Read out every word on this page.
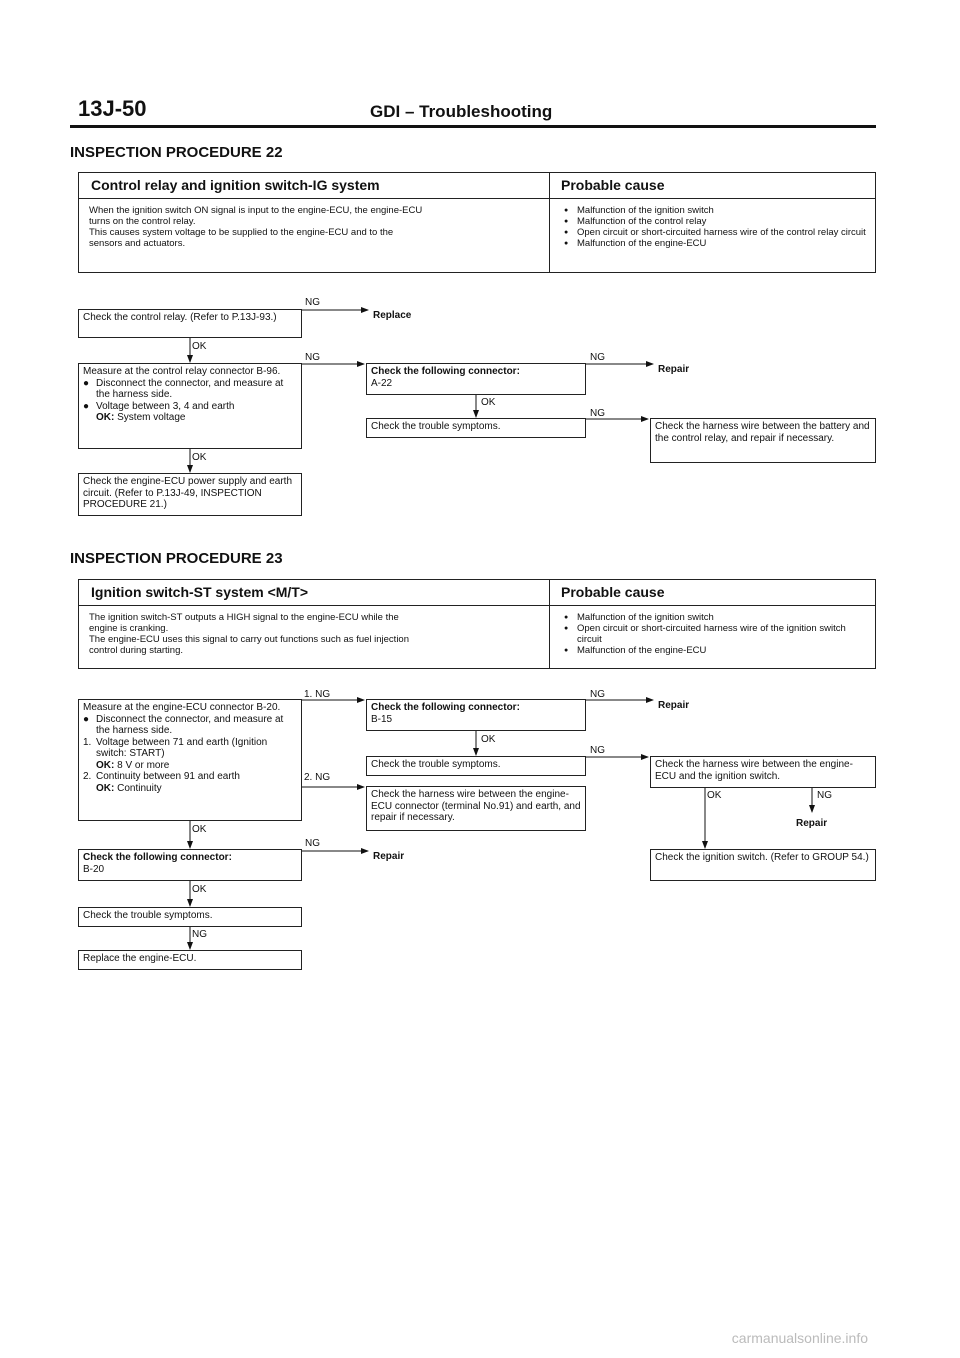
13J-50	GDI – Troubleshooting
INSPECTION PROCEDURE 22
Control relay and ignition switch-IG system	Probable cause
When the ignition switch ON signal is input to the engine-ECU, the engine-ECU
turns on the control relay.
This causes system voltage to be supplied to the engine-ECU and to the
sensors and actuators.
● Malfunction of the ignition switch
● Malfunction of the control relay
● Open circuit or short-circuited harness wire of the control relay circuit
● Malfunction of the engine-ECU
Check the control relay. (Refer to P.13J-93.)
NG
Replace
OK
Measure at the control relay connector B-96.
● Disconnect the connector, and measure at the harness side.
● Voltage between 3, 4 and earth
OK: System voltage
NG
Check the following connector:
A-22
NG
Repair
OK
Check the trouble symptoms.
NG
Check the harness wire between the battery and the control relay, and repair if necessary.
OK
Check the engine-ECU power supply and earth circuit. (Refer to P.13J-49, INSPECTION PROCEDURE 21.)
INSPECTION PROCEDURE 23
Ignition switch-ST system <M/T>	Probable cause
The ignition switch-ST outputs a HIGH signal to the engine-ECU while the
engine is cranking.
The engine-ECU uses this signal to carry out functions such as fuel injection
control during starting.
● Malfunction of the ignition switch
● Open circuit or short-circuited harness wire of the ignition switch circuit
● Malfunction of the engine-ECU
Measure at the engine-ECU connector B-20.
● Disconnect the connector, and measure at the harness side.
1. Voltage between 71 and earth (Ignition switch: START)
OK: 8 V or more
2. Continuity between 91 and earth
OK: Continuity
1. NG
2. NG
Check the following connector:
B-15
NG
Repair
OK
Check the trouble symptoms.
NG
Check the harness wire between the engine-ECU and the ignition switch.
OK	NG
Repair
Check the harness wire between the engine-ECU connector (terminal No.91) and earth, and repair if necessary.
OK
Check the following connector:
B-20
NG
Repair	Check the ignition switch. (Refer to GROUP 54.)
OK
Check the trouble symptoms.
NG
Replace the engine-ECU.
carmanualsonline.info
